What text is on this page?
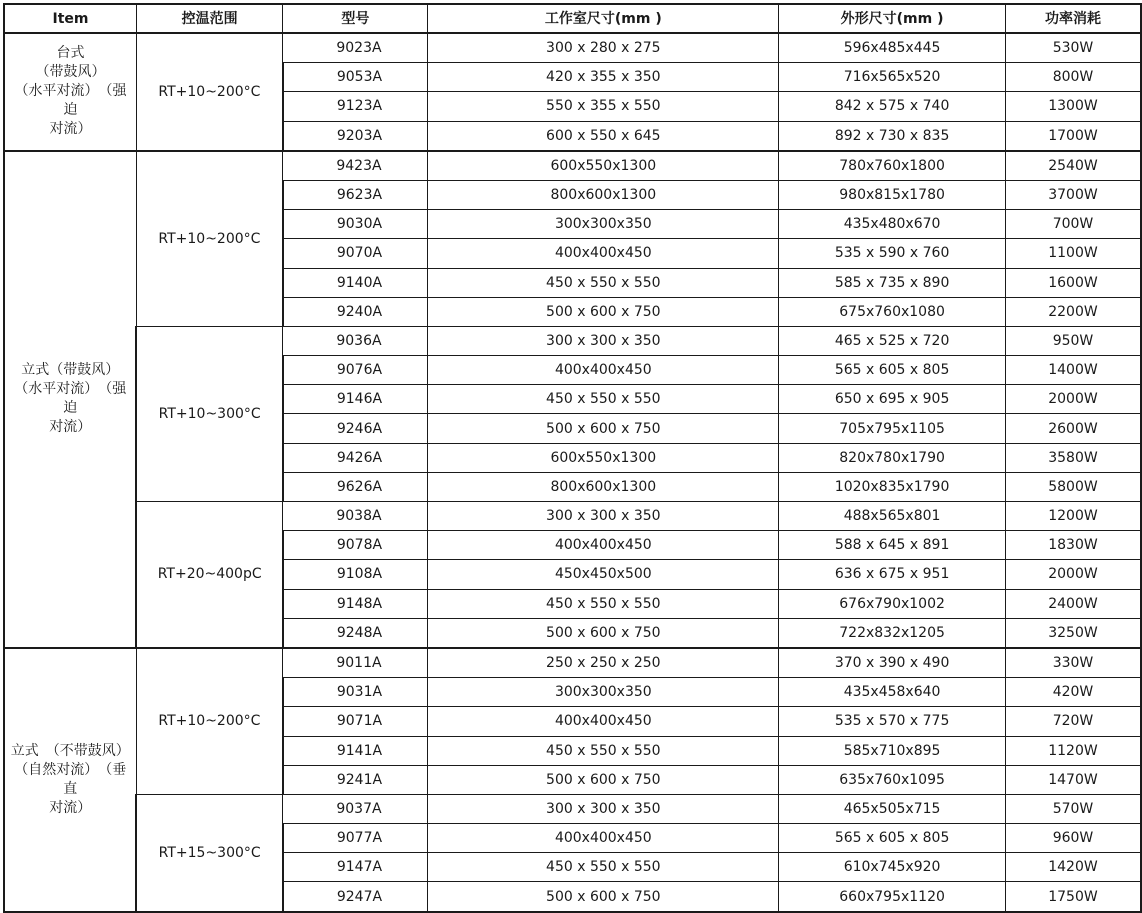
Item	控温范围	型号	工作室尺寸(mm )	外形尺寸(mm )	功率消耗

台式
（带鼓风）
（水平对流）　（强迫
对流）	RT+10~200°C	9023A	300 x 280 x 275	596x485x445	530W
		9053A	420 x 355 x 350	716x565x520	800W
		9123A	550 x 355 x 550	842 x 575 x 740	1300W
		9203A	600 x 550 x 645	892 x 730 x 835	1700W

立式（带鼓风）
（水平对流）　（强迫
对流）	RT+10~200°C	9423A	600x550x1300	780x760x1800	2540W
		9623A	800x600x1300	980x815x1780	3700W
		9030A	300x300x350	435x480x670	700W
		9070A	400x400x450	535 x 590 x 760	1100W
		9140A	450 x 550 x 550	585 x 735 x 890	1600W
		9240A	500 x 600 x 750	675x760x1080	2200W
	RT+10~300°C	9036A	300 x 300 x 350	465 x 525 x 720	950W
		9076A	400x400x450	565 x 605 x 805	1400W
		9146A	450 x 550 x 550	650 x 695 x 905	2000W
		9246A	500 x 600 x 750	705x795x1105	2600W
		9426A	600x550x1300	820x780x1790	3580W
		9626A	800x600x1300	1020x835x1790	5800W
	RT+20~400pC	9038A	300 x 300 x 350	488x565x801	1200W
		9078A	400x400x450	588 x 645 x 891	1830W
		9108A	450x450x500	636 x 675 x 951	2000W
		9148A	450 x 550 x 550	676x790x1002	2400W
		9248A	500 x 600 x 750	722x832x1205	3250W

立式　（不带鼓风）
（自然对流）　（垂直
对流）	RT+10~200°C	9011A	250 x 250 x 250	370 x 390 x 490	330W
		9031A	300x300x350	435x458x640	420W
		9071A	400x400x450	535 x 570 x 775	720W
		9141A	450 x 550 x 550	585x710x895	1120W
		9241A	500 x 600 x 750	635x760x1095	1470W
	RT+15~300°C	9037A	300 x 300 x 350	465x505x715	570W
		9077A	400x400x450	565 x 605 x 805	960W
		9147A	450 x 550 x 550	610x745x920	1420W
		9247A	500 x 600 x 750	660x795x1120	1750W
